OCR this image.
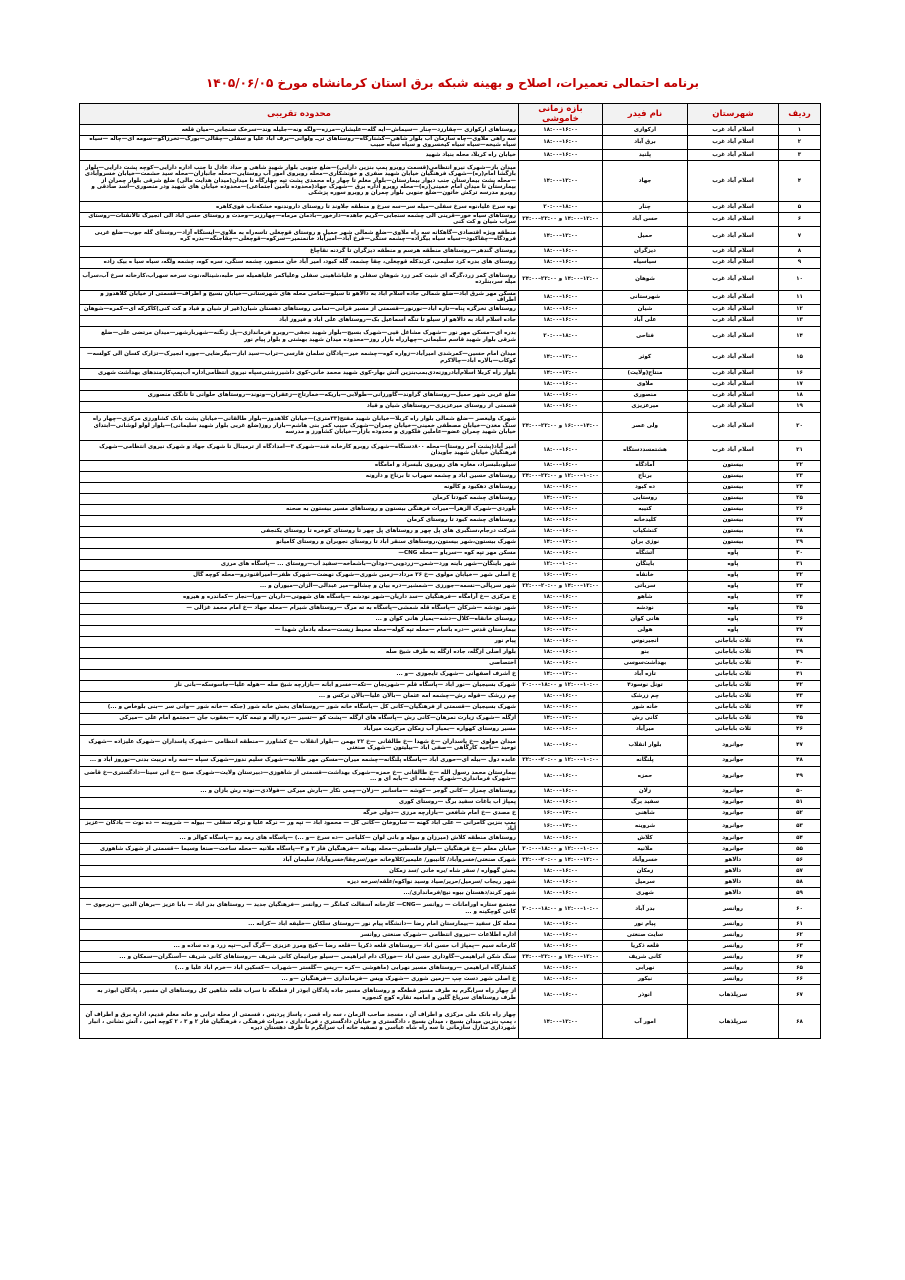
برنامه احتمالی تعمیرات، اصلاح و بهینه شبکه برق استان کرمانشاه مورخ ۱۴۰۵/۰۶/۰۵
ردیف	شهرستان	نام فیدر	بازه زمانی خاموشی	محدوده تقریبی
۱	اسلام آباد غرب	ارکوازی	۱۶:۰۰–۱۸:۰۰	روستاهای ارکوازی —چقارزد—چنار —سیماش—ایه گله—علیشان—مرزه—ولگه ونه—جلیله وند—سرخک سنجابی—میان قلعه
۲	اسلام آباد غرب	برق آباد	۱۶:۰۰–۱۸:۰۰	سه راهی ملاوی—چاه سازمان آب بلوار شاهی—کشتارگاه—روستاهای ترــ ولوانی—برف آباد علیا و سفلی—چقالی—بورگ—تخرزاکو—سومه ای—چاله —سیاه سیاه شیخه—سیاه سیاه کیخسروی و سیاه سیاه حبیب
۳	اسلام آباد غرب	پلنید	۱۶:۰۰–۱۸:۰۰	خیابان راه کربلا، محله بنیاد شهید
۴	اسلام آباد غرب	جهاد	۱۲:۰۰–۱۴:۰۰	میدان باز—شهرک نیرو انتظامی(قسمت روبرو پمپ بنزین دارایی)—ضلع جنوبی بلوار شهید شاهی و حداد عادل تا جنب اداره دارایی—کوچه پشت دارایی—بلوار بازگشا امام(ره)—شهرک فرهنگیان خیابان شهید صفری و خونشکاری—محله روبروی امور آب روستایی—محله جانبازان—محله سید حشمت—خیابان خسروآبادی—محله پشت بیمارستان جنب دیوار بیمارستان—بلوار معلم تا چهار راه محمدی پشت تپه چهارگاه تا میدان(میدان هدایت مالی) ضلع شرقی بلوار چمران از بیمارستان تا میدان امام خمینی(ره)—محله روبرو اداره برق —شهرک جهاد(محدوده تامین اجتماعی)—محدوده خیابان های شهید ودر منصوری—اسد صادقی و روبرو مدرسه ترکش خاتون—ضلع جنوبی بلوار چمران و روبرو سوره پزشکی
۵	اسلام آباد غرب	چنار	۱۸:۰۰–۲۰:۰۰	نوه سرخ علیا،نوه سرخ سفلی—میله سر—سه سرخ و منطقه جلاوند تا روستای داروندنوه خشکه‌ناب قوی‌کاهره
۶	اسلام آباد غرب	حسن آباد	۱۲:۰۰–۱۴:۰۰ و ۲۲:۰۰–۲۴:۰۰	روستاهای سیاه خور—قرینی الی چشمه سنجابی—کریم جاهده—دارخور—بادمان مرماه—چهارزبر—وحدت و روستای حسن اباد الی انجیرک تالانقتات—روستای سراب شیان و کت کنی
۷	اسلام آباد غرب	حمیل	۱۲:۰۰–۱۴:۰۰	منطقه ویژه اقتصادی—گاهکانه سه راه ملاوی—ضلع شمالی شهر حمیل و روستای قوچعلی تاسه‌راه به ملاوی—ایستگاه آزاد—روستای گله جوب—ضلع غربی فرودگاه—چقاکبود—سیاه سیاه بیگزاده—چشمه سنگی—فرخ آباد—امیرآباد خانمنمیر—سرکوه—قوچعلی—چقاجنگه—بدره کره
۸	اسلام آباد غرب	دیزگران	۱۶:۰۰–۱۸:۰۰	روستای گندهر—روستاهای منطقه هرسم و منطقه دیزگران تا گردنه نقاچاغ
۹	اسلام آباد غرب	سیاسیاه	۱۶:۰۰–۱۸:۰۰	روستای های بدره کرد سلیمی، کرندکله قوچعلی، چقا چشمه، گله کبود، امیر آباد خان منصور، چشمه سنگی، سره کوه، چشمه ولگه، سیاه سیا ه بیک زاده
۱۰	اسلام آباد غرب	شوهان	۱۲:۰۰–۱۴:۰۰ و ۲۲:۰۰–۲۴:۰۰	روستاهای کمر زرد،گرگه ای شیت کمر زرد شوهان سفلی و علیاشاهینی سفلی وعلیاکمر علیاهمیله سر حلبه،شیناله،نوت سرخه سهراب،کارخانه سرخ آب،سرآب میله سر،بنلرده
۱۱	اسلام آباد غرب	شهرستانی	۱۶:۰۰–۱۸:۰۰	مسکن مهر شرق اباد—ضلع شمالی جاده اسلام اباد به دالاهو تا سیلو—تمامی محله های شهرستانی—خیابان بسیج و اطراف—قسمتی از خیابان کلاهدوز و اطراف
۱۲	اسلام آباد غرب	شیان	۱۶:۰۰–۱۸:۰۰	روستاهای تخرگزه پناه—تازه اباد—نورنور—قسمتی از مسیر قرانی—تمامی روستاهای دهستان شیان(غیر از شیان و قباد و کت کنی)کاکرکه ای—کمره—شوهان
۱۳	اسلام آباد غرب	علی آباد	۱۶:۰۰–۱۸:۰۰	جاده اسلام اباد به دالاهو از سیلو تا تنگه اسماعیل بک—روستاهای علی اباد و فیروز اباد
۱۴	اسلام آباد غرب	فتاحی	۱۸:۰۰–۲۰:۰۰	بدره ای—مسکن مهر نور —شهرک مشاغل قیی—شهرک بسیج—بلوار شهید نجفی—روبرو فرماندازی—پل زنگنه—شهربارشهر—میدان مرتضی علی—ضلع شرقی بلوار شهید قاسم سلیمانی—چهارراه بازار روز—محدوده میدان شهید بهشتی و بلوار پیام نور
۱۵	اسلام آباد غرب	کوثر	۱۲:۰۰–۱۴:۰۰	میدان امام حسین—کمرشدی امیرآباد—زواره کوه—چشمه خیر—پادگان سلمان فارسی—تراب—سید اباز—بیگرضایی—جوره انجیرک—تزارک کسان الی کولسه—کوکاب—بالاره اباد—چالاکرم
۱۶	اسلام آباد غرب	منتاج(ولایت)	۱۲:۰۰–۱۴:۰۰	بلوار راه کربلا اسلام‌آباد‌روزنه‌دی‌بمب‌بنزین آتش بهار-کوی شهید محمد خانی-کوی داشیرزشتی‌سپاه نیروی انتظامی‌اداره آب‌پمپ‌کارمندهای بهداشت شهری
۱۷	اسلام آباد غرب	ملاوی	۱۶:۰۰–۱۸:۰۰	
۱۸	اسلام آباد غرب	منصوری	۱۶:۰۰–۱۸:۰۰	ضلع غربی شهر حمیل—روستاهای گراوند—گاورزانی—طولابی—باریکه—خمارتاج—زعفران—ونوند—روستاهای حلوانی تا تانگک منصوری
۱۹	اسلام آباد غرب	میرعزیزی	۱۶:۰۰–۱۸:۰۰	قسمتی از روستای میرعزیزی—روستاهای شیان و قباد
۲۰	اسلام آباد غرب	ولی عصر	۱۴:۰۰–۱۶:۰۰ و ۲۲:۰۰–۲۴:۰۰	شهرک ولیعصر —ضلع شمالی بلوار راه کربلا—خیابان شهید مفتح(۳۳متری)—خیابان کلاهدوز—بلوار طالقانی—خیابان پشت بانک کشاورزی مرکزی—چهار راه سنگ معدن—خیابان مصطفی خمینی—خیابان چمران—شهرک حبیب کمر بنی هاشم—بازار روز(ضلع غربی بلوار شهید سلیمانی)—بلوار لولو لوشانی—ابتدای خیابان شهید چمران عضو—عاملین فلکوری و محدوده بازار—خیابان کشاورز و مدرسه
۲۱	اسلام آباد غرب	هشتمسددستگاه	۱۶:۰۰–۱۸:۰۰	امیر آباد(پشت آخر روستا)—محله ۸۰۰دستگاه—شهرک روبرو کارخانه قند—شهرک ۳—امدادگاه از ترمینال تا شهرک جهاد و شهرک نیروی انتظامی—شهرک فرهنگیان خیابان شهید جاویدان
۲۲	بیستون	آمادگاه	۱۶:۰۰–۱۸:۰۰	سیلو،بلبسراد، مغازه های روبروی بلبسراد و امامگاه
۲۳	بیستون	برناج	۱۰:۰۰–۱۲:۰۰ و ۲۲:۰۰–۲۴:۰۰	روستاهای حسین اباد و چشمه سهراب تا برناج و دارونه
۲۴	بیستون	ده کبود	۱۶:۰۰–۱۸:۰۰	روستاهای دهکبود و کالونه
۲۵	بیستون	روستایی	۱۲:۰۰–۱۴:۰۰	روستاهای چشمه کبودتا کرمان
۲۶	بیستون	کتیبه	۱۶:۰۰–۱۸:۰۰	بلوردی—شهرک الزهرا—میراث فرهنگی بیستون و روستاهای مسیر بیستون به صحنه
۲۷	بیستون	کلیدخانه	۱۶:۰۰–۱۸:۰۰	روستاهای چشمه کبود تا روستای کرمان
۲۸	بیستون	کنشکیاب	۱۶:۰۰–۱۸:۰۰	شرکت درجام،سنگبری های پل چهر و روستاهای پل چهر تا روستای کوخره تا روستای یکنجفی
۲۹	بیستون	نوژی بران	۱۲:۰۰–۱۴:۰۰	شهرک بیستون،شهر بیستون،روستاهای سنقر اباد تا روستای نجوبران و روستای کامیانو
۳۰	پاوه	آتشگاه	۱۶:۰۰–۱۸:۰۰	مسکن مهر تپه کوه —سرباو —محله CNG—
۳۱	پاوه	باینگان	۱۰:۰۰–۱۲:۰۰	شهر باینگان—شهر باینه ورد—شمن—زردویی—دودان—باشماخه—سفید اب—روستای ... —پاسگاه های مرزی
۳۲	پاوه	خانقاه	۱۴:۰۰–۱۶:۰۰	خ اصلی شهر —خیابان مولوی —خ ۲۶ مرداد—زمین شوری—شهرک نهضت—شهرک ظفر—امیراقنودرو—محله کوچه گال
۳۳	پاوه	سرباتی	۱۲:۰۰–۱۴:۰۰ و ۲۰:۰۰–۲۲:۰۰	شهر سرپالی—نسمه—جورزی —شمشیر—دره بیان و چشالو—میر عبدالی—الزان—میوران و ...
۳۴	پاوه	شاهو	۱۶:۰۰–۱۸:۰۰	خ مرکزی —خ آرامگاه —فرهنگیان —سد داریان—شهر نودشه —پاسگاه های شهوتی—داریان —ورا—نجار —کماندره و هیروه
۳۵	پاوه	نودشه	۱۴:۰۰–۱۶:۰۰	شهر نودشه —شرکان —پاسگاه قله شمشی—پاسگاه به ته مرگ —روستاهای شیرام —محله جهاد —خ امام محمد غزالی —
۳۶	پاوه	هانی کوان	۱۶:۰۰–۱۸:۰۰	روستای خانقاه—کلال—دشه—یمیاز هانی کوان و ...
۳۷	پاوه	هولی	۱۴:۰۰–۱۶:۰۰	بیمارستان قدس —دره باسام —محله تپه کوله—محله محیط زیست—محله بادمان شهدا —
۳۸	ثلاث باباجانی	انجیرنوس	۱۶:۰۰–۱۸:۰۰	پیام نور
۳۹	ثلاث باباجانی	بنو	۱۶:۰۰–۱۸:۰۰	بلوار اصلی ازگله، جاده ازگله به طرف شیخ صله
۴۰	ثلاث باباجانی	بهداشت‌سوسی	۱۶:۰۰–۱۸:۰۰	اختصاصی
۴۱	ثلاث باباجانی	تازه آباد	۱۲:۰۰–۱۴:۰۰	خ اشرف اصفهانی —شهرک تایجوزی —و ...
۴۲	ثلاث باباجانی	تونل نوسود۴	۱۰:۰۰–۱۲:۰۰ و ۱۸:۰۰–۲۰:۰۰	شهرک بسیجیان —نور اباد —پاسگاه قلم —شهرنجان —تکه—خسرو ابانه —بازارچه شیخ صله —هوله علیا—جاسوسکه—بانی ناز
۴۳	ثلاث باباجانی	چم زرشک	۱۶:۰۰–۱۸:۰۰	چم زرشک —قوله رش—چشمه امه عثمان —بالان علیا—بالان ترکس و ...
۴۴	ثلاث باباجانی	خانه شور	۱۶:۰۰–۱۸:۰۰	شهرک بسیجیان —قسمتی از فرهنگیان—کانی کل —پاسگاه خانه شور —روستاهای بخش خانه شور (جنکه —خانه شور —وانی سر —بنی بلوخاص و ...)
۴۵	ثلاث باباجانی	کانی رش	۱۲:۰۰–۱۴:۰۰	ازگله —شهرک زیارت نمرهان—کانی رش —پاسگاه های ازگله —پشت کو —تسیر —دره زاله و تیمه کاره —بعقوب جان —مجتمع امام علی —میرکی
۴۶	ثلاث باباجانی	میرآباد	۱۶:۰۰–۱۸:۰۰	مسیر روستای کهواره —بمیاز آب زمکان مرکزیت میرآباد
۴۷	جوانرود	بلوار انقلاب	۱۶:۰۰–۱۸:۰۰	میدان مولوی —خ پاسداران —خ شهدا —خ طالقانی —خ ۲۲ بهمن —بلوار انقلاب —خ کشاورز —منطقه انتظامی —شهرک پاسداران —شهرک علیزاده —شهرک توحید —ناحیه کارگاهی —صفی اباد —بیلیتون —شهرک صنعتی
۴۸	جوانرود	پلنگانه	۱۰:۰۰–۱۲:۰۰ و ۲۰:۰۰–۲۲:۰۰	عابده دول —بیله ای—حوری اباد —پاسگاه پلنگانه—چشمه میران—مسکن مهر طلانیه—شهرک سلیم ندوز—شهرک سپاه —سه راه تربیت بدنی—نوروز اباد و ...
۴۹	جوانرود	حمزه	۱۶:۰۰–۱۸:۰۰	بیمارستان محمد رسول الله —خ طالقانی —خ حمزه—شهرک بهداشت—قسمتی از شاهوزی—دبیرستان ولایت—شهرک صبح —خ ابن سینا—دادگستری—خ قاضی—شهرک فرمانداری—شهرک چشمه ای —بابه ای و ...
۵۰	جوانرود	زلان	۱۶:۰۰–۱۸:۰۰	روستاهای چمزار —کانی گوجر —کوشه —ماسانبر —زلان—چمی نکار —بارش میرکی —فولادی—نوده رش بازان و ...
۵۱	جوانرود	سفید برگ	۱۶:۰۰–۱۸:۰۰	پمپاژ اب باغات سفید برگ —روستای کوری
۵۲	جوانرود	شاهنی	۱۴:۰۰–۱۶:۰۰	خ مصدی —خ امام شافعی —بازارچه مرزی —دولی خرگه
۵۳	جوانرود	شروینه	۱۴:۰۰–۱۶:۰۰	پمپ بنزین کامرانی — علی اباد کهنه — ساروخان —کانی کل — محمود اباد — تپه ور — نرگه علیا و نرگه سفلی — بیوله — شروینه — ده نوت — بادکان —عزیز اباد
۵۴	جوانرود	کلاش	۱۶:۰۰–۱۸:۰۰	روستاهای منطقه کلاش (میرزان و بیوله و بانی لوان —کلیاجی —ده سرخ —و ...) —پاسگاه های رمه رو —پاسگاه کوالر و ...
۵۵	جوانرود	ملانیه	۱۰:۰۰–۱۲:۰۰ و ۱۸:۰۰–۲۰:۰۰	خیابان معلم —خ فرهنگیان —بلوار فلسطین—محله پهنانه —فرهنگیان فاز ۲ و ۳—پاسگاه ملانیه —محله ساخت—صنعا وسیما —قسمتی از شهرک شاهوزی
۵۶	دالاهو	خسروآباد	۱۲:۰۰–۱۴:۰۰ و ۲۰:۰۰–۲۲:۰۰	شهرک صنعتی/خسروآباد/ کانیبور/ علیمیر/کلاوخانه خور/سرچقا/خسروآباد/ سلیمان آباد
۵۷	دالاهو	زمکان	۱۶:۰۰–۱۸:۰۰	بخش گهواره / سفر شاه /بره خانی /سد زمکان
۵۸	دالاهو	سرمیل	۱۶:۰۰–۱۸:۰۰	شهر ریجاب /سرمیل/حریر/صیاد وسید نواکوه/علقه/سرخه دیزه
۵۹	دالاهو	شهری	۱۶:۰۰–۱۸:۰۰	شهر کرند/دهستان بیوه نیچ/فرمانداری/...
۶۰	روانسر	بدر آباد	۱۰:۰۰–۱۲:۰۰ و ۱۸:۰۰–۲۰:۰۰	مجتمع ستاره اورامانات — روانسر —CNG— کارخانه آسفالت کمانگر — روانسر —فرهنگیان جدید — روستاهای بدر اباد — بابا عزیز —برهان الدین —زیرجوی —کانی کوچکینه و ...
۶۱	روانسر	پیام نور	۱۶:۰۰–۱۸:۰۰	محله کل سفید —بیمارستان امام رضا —دانشگاه پیام نور —روستای سلکان —خلیفه اباد —کرانه ...
۶۲	روانسر	سایت صنعتی	۱۶:۰۰–۱۸:۰۰	اداره اطلاعات —نیروی انتظامی —شهرک صنعتی روانسر
۶۳	روانسر	قلعه ذکریا	۱۶:۰۰–۱۸:۰۰	کارخانه سیم —پمپاژ اب حسن اباد —روستاهای قلعه ذکریا —قلعه رضا —کیج ومرز عزیزی —گرگ آبی—تپه زرد و ده ساده و ...
۶۴	روانسر	کانی شریف	۱۲:۰۰–۱۴:۰۰ و ۲۲:۰۰–۲۴:۰۰	سنگ شکن ابراهیمی—گاوداری حسن اباد —خوراک دام ابراهیمی —سیلو جراتیمان کانی شریف —روستاهای کانی شریف —آسنگران—سمکان و ...
۶۵	روانسر	نهرابی	۱۶:۰۰–۱۸:۰۰	کشتارگاه ابراهیمی —روستاهای مسیر نهرابی (ماهوشی —کره —ریس —گلستر —شهراب —کسکین اباد —خرم اباد علیا و ...)
۶۶	روانسر	نیکور	۱۶:۰۰–۱۸:۰۰	خ اصلی شهر دست چپ —زمین شوری —شهرک ویس —فرمانداری —فرهنگیان —و ...
۶۷	سرپلذهاب	انوذر	۱۶:۰۰–۱۸:۰۰	از چهار راه سرابگرم به طرف مسیر قطعگه و روستاهای مسیر جاده پادگان ابوذر از قطعگه تا سراب قلعه شاهین کل روستاهای ان مسیر ، پادگان ابوذر به طرف روستاهای سرپاغ گلین و امامیه تقاره کوچ کنجوره
۶۸	سرپلذهاب	امور آب	۱۲:۰۰–۱۴:۰۰	چهار راه بانک ملی مرکزی و اطراف آن ، مسجد صاحب الزمان ، سه راه قصر ، پاساژ پردیس ، قسمتی از محله ترابی و خانه معلم قدیم، اداره برق و اطراف آن ، پمپ بنزین میدان بسیج ، میدان بسیج ، دادگستری و خیابان دادگستری ، فرمانداری ، میراث فرهنگی ، فرهنگیان فاز ۲ و ۳ ، ۲ کوچه امین ، آتش نشانی ، انبار شهرداری منازل سازمانی تا سه راه شاه عباسی و تصفیه خانه اب سرابگرم تا طرف دهستان دیره
